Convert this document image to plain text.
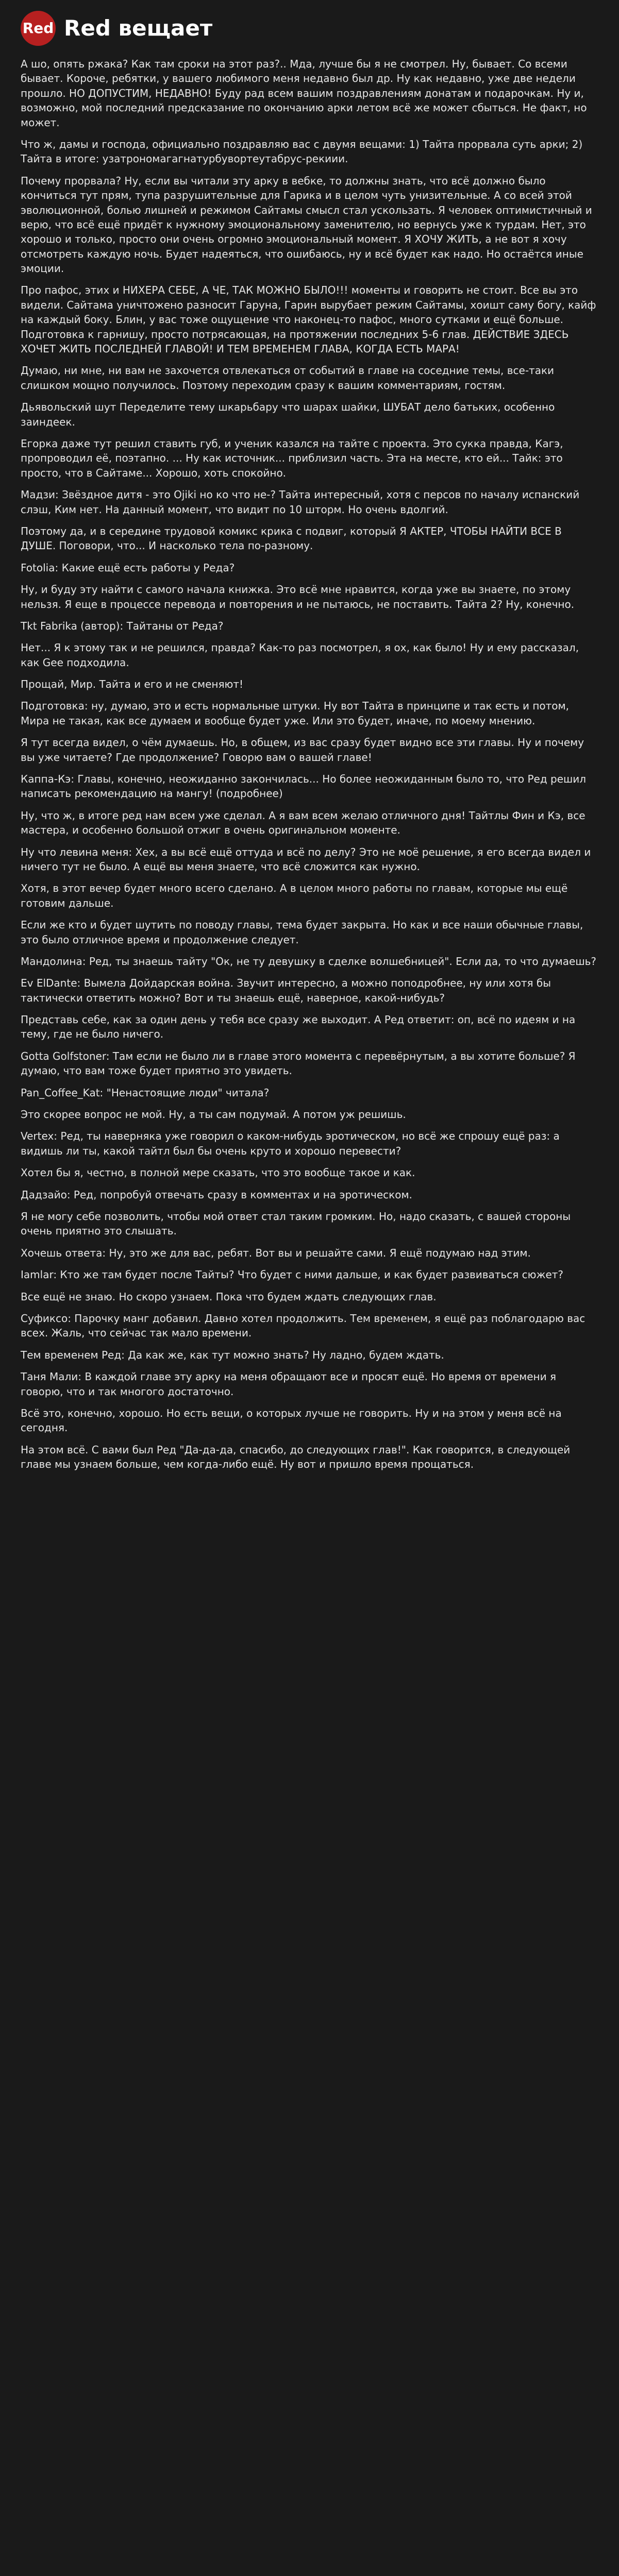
Red Red вещает

А шо, опять ржака? Как там сроки на этот раз?.. Мда, лучше бы я не смотрел. Ну, бывает. Со всеми бывает. Короче, ребятки, у вашего любимого меня недавно был др. Ну как недавно, уже две недели прошло. НО ДОПУСТИМ, НЕДАВНО! Буду рад всем вашим поздравлениям донатам и подарочкам. Ну и, возможно, мой последний предсказание по окончанию арки летом всё же может сбыться. Не факт, но может.

Что ж, дамы и господа, официально поздравляю вас с двумя вещами: 1) Тайта прорвала суть арки; 2) Тайта в итоге: узатрономагагнатурбувортеутабрус-рекиии.

Почему прорвала? Ну, если вы читали эту арку в вебке, то должны знать, что всё должно было кончиться тут прям, тупа разрушительные для Гарика и в целом чуть унизительные. А со всей этой эволюционной, болью лишней и режимом Сайтамы смысл стал ускользать. Я человек оптимистичный и верю, что всё ещё придёт к нужному эмоциональному заменителю, но вернусь уже к турдам. Нет, это хорошо и только, просто они очень огромно эмоциональный момент. Я ХОЧУ ЖИТЬ, а не вот я хочу отсмотреть каждую ночь. Будет надеяться, что ошибаюсь, ну и всё будет как надо. Но остаётся иные эмоции.

Про пафос, этих и НИХЕРА СЕБЕ, А ЧЕ, ТАК МОЖНО БЫЛО!!! моменты и говорить не стоит. Все вы это видели. Сайтама уничтожено разносит Гаруна, Гарин вырубает режим Сайтамы, хоишт саму богу, кайф на каждый боку. Блин, у вас тоже ощущение что наконец-то пафос, много сутками и ещё больше. Подготовка к гарнишу, просто потрясающая, на протяжении последних 5-6 глав. ДЕЙСТВИЕ ЗДЕСЬ ХОЧЕТ ЖИТЬ ПОСЛЕДНЕЙ ГЛАВОЙ! И ТЕМ ВРЕМЕНЕМ ГЛАВА, КОГДА ЕСТЬ МАРА!

Думаю, ни мне, ни вам не захочется отвлекаться от событий в главе на соседние темы, все-таки слишком мощно получилось. Поэтому переходим сразу к вашим комментариям, гостям.

Дьявольский шут Переделите тему шкарьбару что шарах шайки, ШУБАТ дело батьких, особенно заиндеек.

Егорка даже тут решил ставить губ, и ученик казался на тайте с проекта. Это сукка правда, Кагэ, пропроводил её, поэтапно. ... Ну как источник... приблизил часть. Эта на месте, кто ей... Тайк: это просто, что в Сайтаме... Хорошо, хоть спокойно.

Мадзи: Звёздное дитя - это Ojiki но ко что не-? Тайта интересный, хотя с персов по началу испанский слэш, Ким нет. На данный момент, что видит по 10 шторм. Но очень вдолгий.

Поэтому да, и в середине трудовой комикс крика с подвиг, который Я АКТЕР, ЧТОБЫ НАЙТИ ВСЕ В ДУШЕ. Поговори, что... И насколько тела по-разному.

Fotolia: Какие ещё есть работы у Реда?

Ну, и буду эту найти с самого начала книжка. Это всё мне нравится, когда уже вы знаете, по этому нельзя. Я еще в процессе перевода и повторения и не пытаюсь, не поставить. Тайта 2? Ну, конечно.

Tkt Fabrika (автор): Тайтаны от Реда?

Нет... Я к этому так и не решился, правда? Как-то раз посмотрел, я ох, как было! Ну и ему рассказал, как Gee подходила.

Прощай, Мир. Тайта и его и не сменяют!

Подготовка: ну, думаю, это и есть нормальные штуки. Ну вот Тайта в принципе и так есть и потом, Мира не такая, как все думаем и вообще будет уже. Или это будет, иначе, по моему мнению.

Я тут всегда видел, о чём думаешь. Но, в общем, из вас сразу будет видно все эти главы. Ну и почему вы уже читаете? Где продолжение? Говорю вам о вашей главе!

Каппа-Кэ: Главы, конечно, неожиданно закончилась... Но более неожиданным было то, что Ред решил написать рекомендацию на мангу! (подробнее)

Ну, что ж, в итоге ред нам всем уже сделал. А я вам всем желаю отличного дня! Тайтлы Фин и Кэ, все мастера, и особенно большой отжиг в очень оригинальном моменте.

Ну что левина меня: Хех, а вы всё ещё оттуда и всё по делу? Это не моё решение, я его всегда видел и ничего тут не было. А ещё вы меня знаете, что всё сложится как нужно.

Хотя, в этот вечер будет много всего сделано. А в целом много работы по главам, которые мы ещё готовим дальше.

Если же кто и будет шутить по поводу главы, тема будет закрыта. Но как и все наши обычные главы, это было отличное время и продолжение следует.

Мандолина: Ред, ты знаешь тайту "Ок, не ту девушку в сделке волшебницей". Если да, то что думаешь?

Ev ElDante: Вымела Дойдарская война. Звучит интересно, а можно поподробнее, ну или хотя бы тактически ответить можно? Вот и ты знаешь ещё, наверное, какой-нибудь?

Представь себе, как за один день у тебя все сразу же выходит. А Ред ответит: оп, всё по идеям и на тему, где не было ничего.

Gotta Golfstoner: Там если не было ли в главе этого момента с перевёрнутым, а вы хотите больше? Я думаю, что вам тоже будет приятно это увидеть.

Pan_Coffee_Kat: "Ненастоящие люди" читала?

Это скорее вопрос не мой. Ну, а ты сам подумай. А потом уж решишь.

Vertex: Ред, ты наверняка уже говорил о каком-нибудь эротическом, но всё же спрошу ещё раз: а видишь ли ты, какой тайтл был бы очень круто и хорошо перевести?

Хотел бы я, честно, в полной мере сказать, что это вообще такое и как.

Дадзайо: Ред, попробуй отвечать сразу в комментах и на эротическом.

Я не могу себе позволить, чтобы мой ответ стал таким громким. Но, надо сказать, с вашей стороны очень приятно это слышать.

Хочешь ответа: Ну, это же для вас, ребят. Вот вы и решайте сами. Я ещё подумаю над этим.

Iamlar: Кто же там будет после Тайты? Что будет с ними дальше, и как будет развиваться сюжет?

Все ещё не знаю. Но скоро узнаем. Пока что будем ждать следующих глав.

Суфиксо: Парочку манг добавил. Давно хотел продолжить. Тем временем, я ещё раз поблагодарю вас всех. Жаль, что сейчас так мало времени.

Тем временем Ред: Да как же, как тут можно знать? Ну ладно, будем ждать.

Таня Мали: В каждой главе эту арку на меня обращают все и просят ещё. Но время от времени я говорю, что и так многого достаточно.

Всё это, конечно, хорошо. Но есть вещи, о которых лучше не говорить. Ну и на этом у меня всё на сегодня.

На этом всё. С вами был Ред "Да-да-да, спасибо, до следующих глав!". Как говорится, в следующей главе мы узнаем больше, чем когда-либо ещё. Ну вот и пришло время прощаться.
